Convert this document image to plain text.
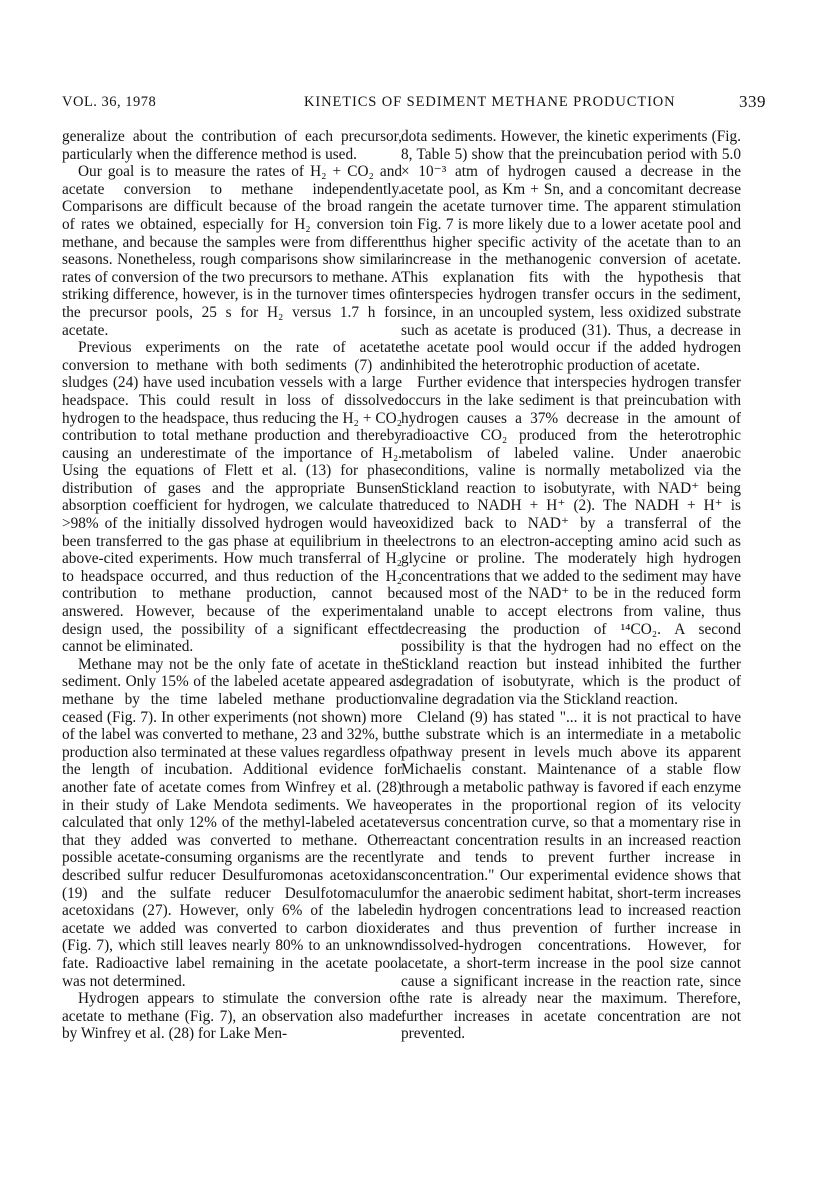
VOL. 36, 1978	KINETICS OF SEDIMENT METHANE PRODUCTION	339

generalize about the contribution of each precursor, particularly when the difference method is used.

Our goal is to measure the rates of H₂ + CO₂ and acetate conversion to methane independently. Comparisons are difficult because of the broad range of rates we obtained, especially for H₂ conversion to methane, and because the samples were from different seasons. Nonetheless, rough comparisons show similar rates of conversion of the two precursors to methane. A striking difference, however, is in the turnover times of the precursor pools, 25 s for H₂ versus 1.7 h for acetate.

Previous experiments on the rate of acetate conversion to methane with both sediments (7) and sludges (24) have used incubation vessels with a large headspace. This could result in loss of dissolved hydrogen to the headspace, thus reducing the H₂ + CO₂ contribution to total methane production and thereby causing an underestimate of the importance of H₂. Using the equations of Flett et al. (13) for phase distribution of gases and the appropriate Bunsen absorption coefficient for hydrogen, we calculate that >98% of the initially dissolved hydrogen would have been transferred to the gas phase at equilibrium in the above-cited experiments. How much transferral of H₂ to headspace occurred, and thus reduction of the H₂ contribution to methane production, cannot be answered. However, because of the experimental design used, the possibility of a significant effect cannot be eliminated.

Methane may not be the only fate of acetate in the sediment. Only 15% of the labeled acetate appeared as methane by the time labeled methane production ceased (Fig. 7). In other experiments (not shown) more of the label was converted to methane, 23 and 32%, but production also terminated at these values regardless of the length of incubation. Additional evidence for another fate of acetate comes from Winfrey et al. (28) in their study of Lake Mendota sediments. We have calculated that only 12% of the methyl-labeled acetate that they added was converted to methane. Other possible acetate-consuming organisms are the recently described sulfur reducer Desulfuromonas acetoxidans (19) and the sulfate reducer Desulfotomaculum acetoxidans (27). However, only 6% of the labeled acetate we added was converted to carbon dioxide (Fig. 7), which still leaves nearly 80% to an unknown fate. Radioactive label remaining in the acetate pool was not determined.

Hydrogen appears to stimulate the conversion of acetate to methane (Fig. 7), an observation also made by Winfrey et al. (28) for Lake Men-

dota sediments. However, the kinetic experiments (Fig. 8, Table 5) show that the preincubation period with 5.0 × 10⁻³ atm of hydrogen caused a decrease in the acetate pool, as Km + Sn, and a concomitant decrease in the acetate turnover time. The apparent stimulation in Fig. 7 is more likely due to a lower acetate pool and thus higher specific activity of the acetate than to an increase in the methanogenic conversion of acetate. This explanation fits with the hypothesis that interspecies hydrogen transfer occurs in the sediment, since, in an uncoupled system, less oxidized substrate such as acetate is produced (31). Thus, a decrease in the acetate pool would occur if the added hydrogen inhibited the heterotrophic production of acetate.

Further evidence that interspecies hydrogen transfer occurs in the lake sediment is that preincubation with hydrogen causes a 37% decrease in the amount of radioactive CO₂ produced from the heterotrophic metabolism of labeled valine. Under anaerobic conditions, valine is normally metabolized via the Stickland reaction to isobutyrate, with NAD⁺ being reduced to NADH + H⁺ (2). The NADH + H⁺ is oxidized back to NAD⁺ by a transferral of the electrons to an electron-accepting amino acid such as glycine or proline. The moderately high hydrogen concentrations that we added to the sediment may have caused most of the NAD⁺ to be in the reduced form and unable to accept electrons from valine, thus decreasing the production of ¹⁴CO₂. A second possibility is that the hydrogen had no effect on the Stickland reaction but instead inhibited the further degradation of isobutyrate, which is the product of valine degradation via the Stickland reaction.

Cleland (9) has stated "... it is not practical to have the substrate which is an intermediate in a metabolic pathway present in levels much above its apparent Michaelis constant. Maintenance of a stable flow through a metabolic pathway is favored if each enzyme operates in the proportional region of its velocity versus concentration curve, so that a momentary rise in reactant concentration results in an increased reaction rate and tends to prevent further increase in concentration." Our experimental evidence shows that for the anaerobic sediment habitat, short-term increases in hydrogen concentrations lead to increased reaction rates and thus prevention of further increase in dissolved-hydrogen concentrations. However, for acetate, a short-term increase in the pool size cannot cause a significant increase in the reaction rate, since the rate is already near the maximum. Therefore, further increases in acetate concentration are not prevented.
